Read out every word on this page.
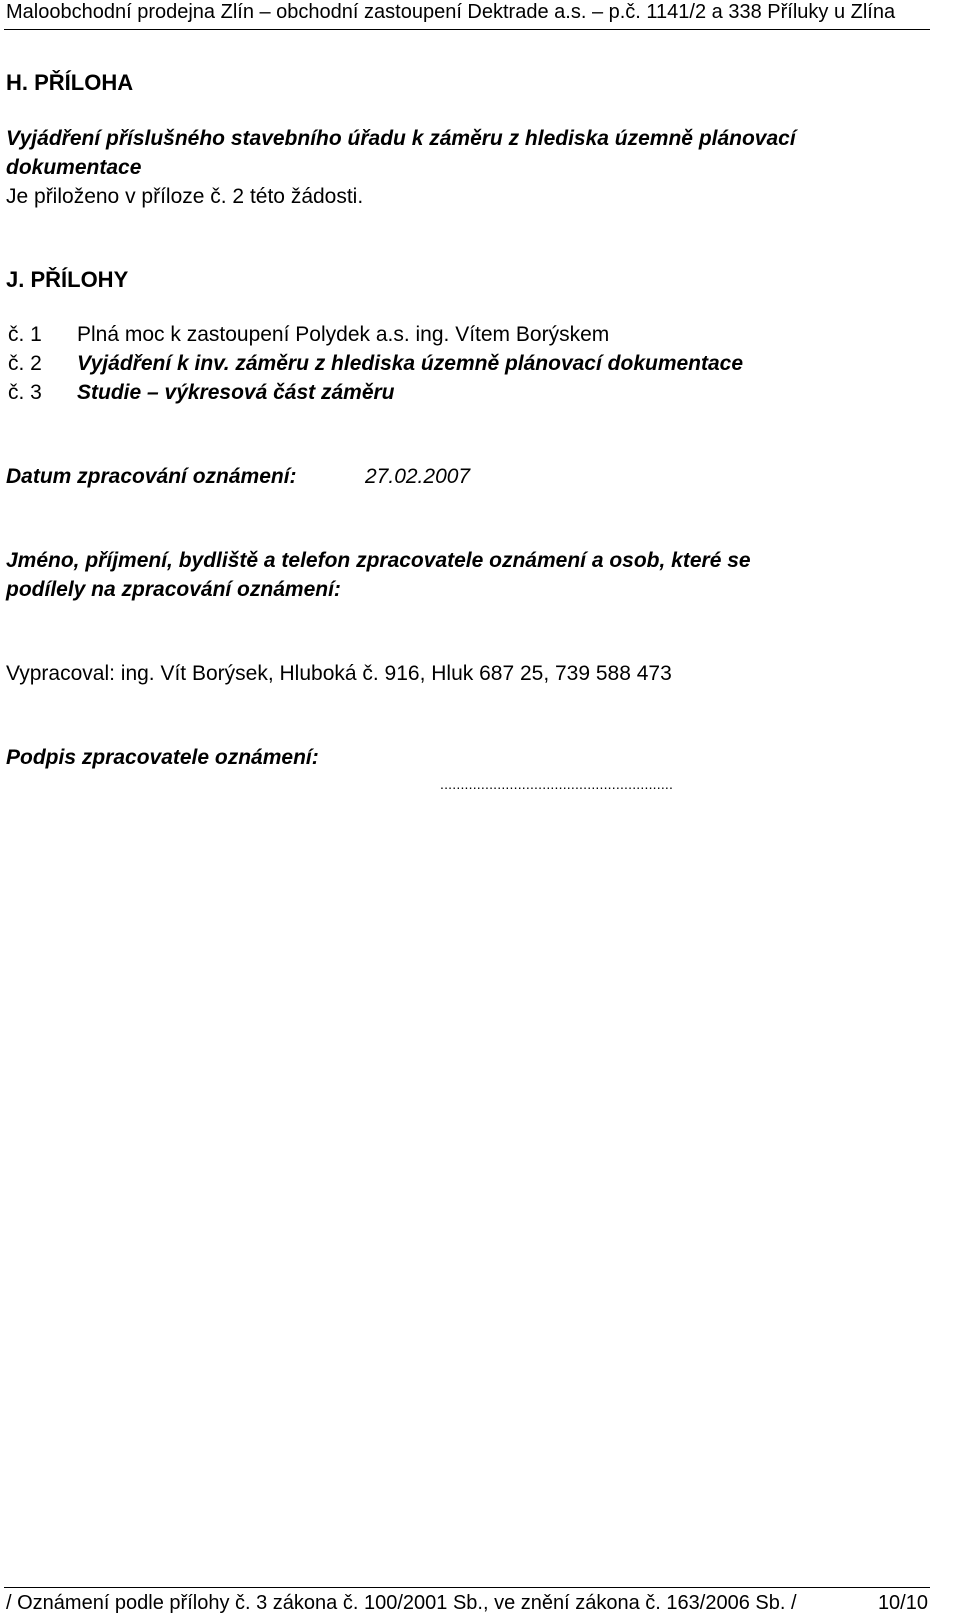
Maloobchodní prodejna Zlín – obchodní zastoupení Dektrade a.s. – p.č. 1141/2 a 338 Příluky u Zlína
H. PŘÍLOHA
Vyjádření příslušného stavebního úřadu k záměru z hlediska územně plánovací
dokumentace
Je přiloženo v příloze č. 2 této žádosti.
J. PŘÍLOHY
č. 1 Plná moc k zastoupení Polydek a.s. ing. Vítem Borýskem
č. 2 Vyjádření k inv. záměru z hlediska územně plánovací dokumentace
č. 3 Studie – výkresová část záměru
Datum zpracování oznámení:	27.02.2007
Jméno, příjmení, bydliště a telefon zpracovatele oznámení a osob, které se
podílely na zpracování oznámení:
Vypracoval: ing. Vít Borýsek, Hluboká č. 916, Hluk 687 25, 739 588 473
Podpis zpracovatele oznámení:
.........................................................
/ Oznámení podle přílohy č. 3 zákona č. 100/2001 Sb., ve znění zákona č. 163/2006 Sb. /	10/10
